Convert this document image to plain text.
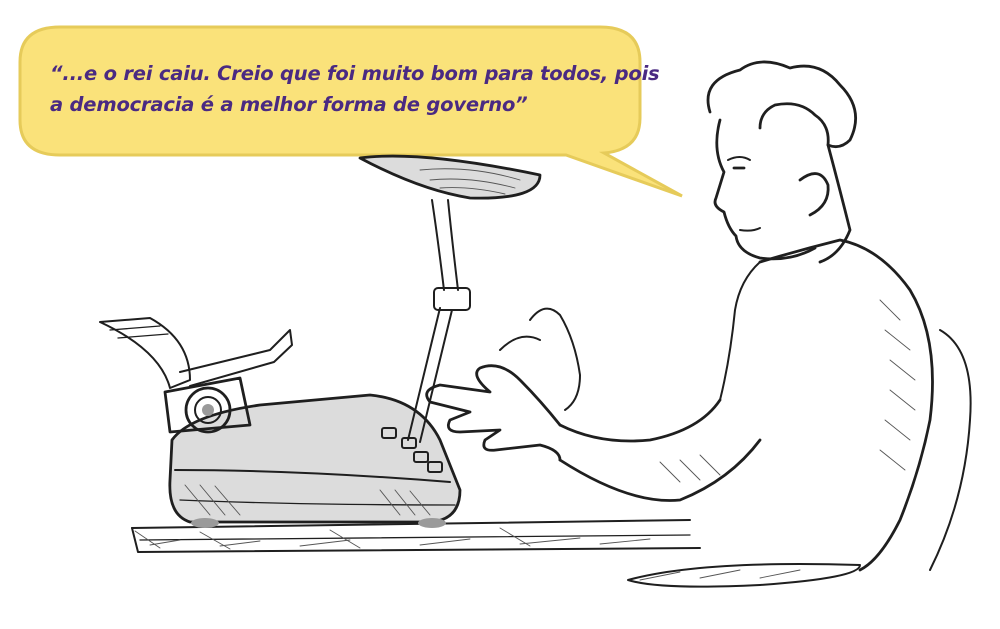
“...e o rei caiu. Creio que foi muito bom para todos, pois
a democracia é a melhor forma de governo”
